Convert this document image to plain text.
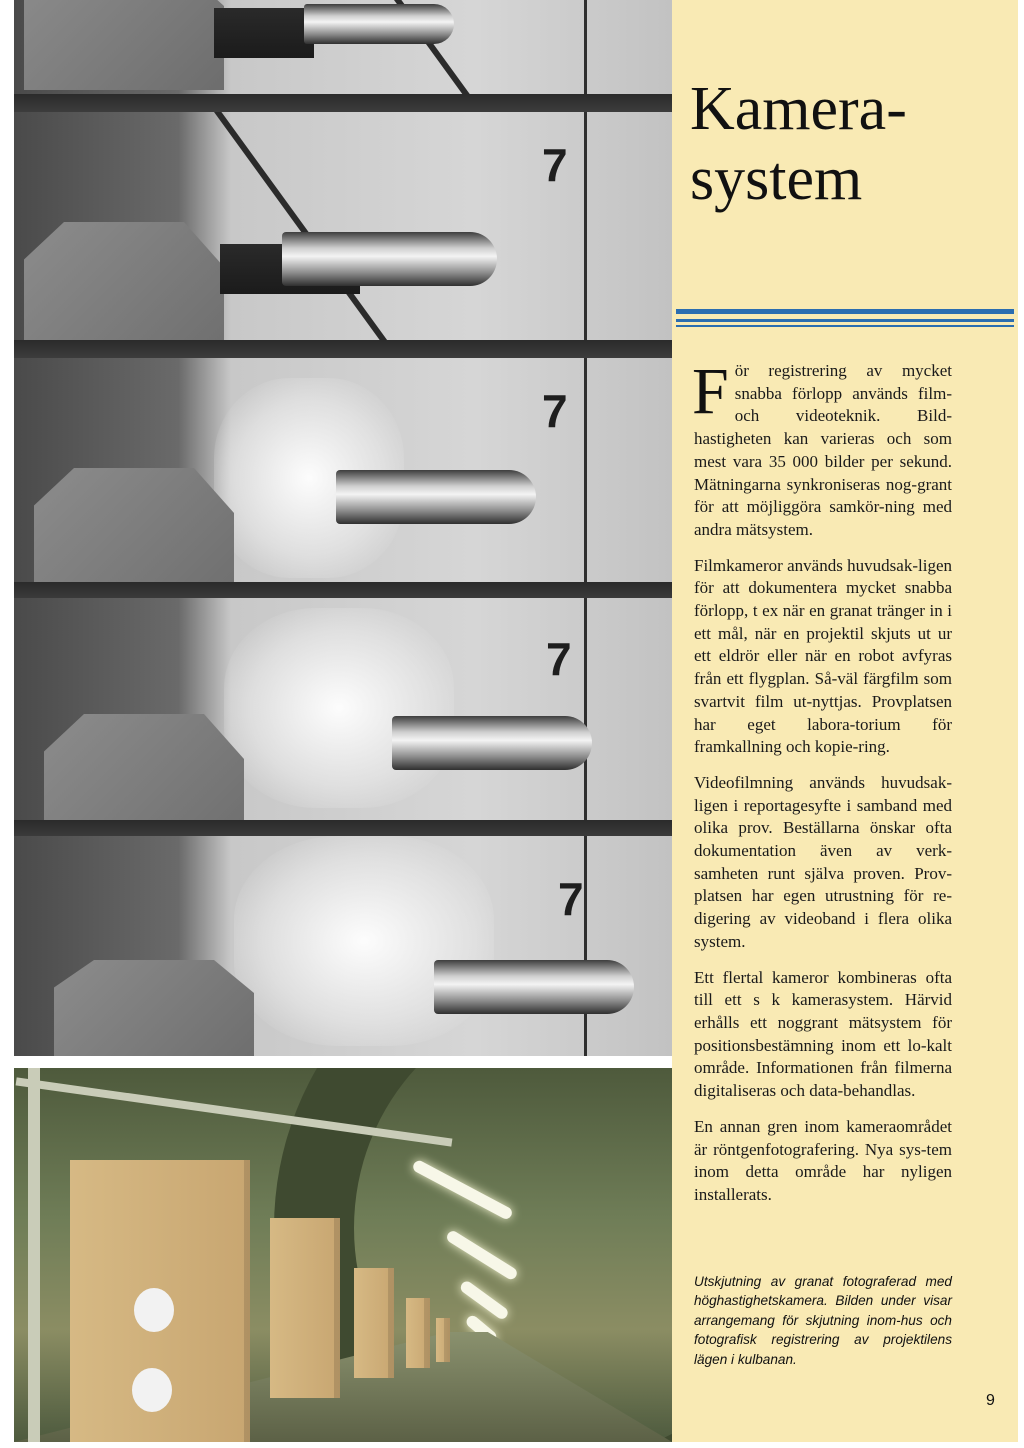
7
7
7
7
Kamera-
system

För registrering av mycket snabba förlopp används film- och videoteknik. Bild-hastigheten kan varieras och som mest vara 35 000 bilder per sekund. Mätningarna synkroniseras nog-grant för att möjliggöra samkör-ning med andra mätsystem.

Filmkameror används huvudsak-ligen för att dokumentera mycket snabba förlopp, t ex när en granat tränger in i ett mål, när en projektil skjuts ut ur ett eldrör eller när en robot avfyras från ett flygplan. Så-väl färgfilm som svartvit film ut-nyttjas. Provplatsen har eget labora-torium för framkallning och kopie-ring.

Videofilmning används huvudsak-ligen i reportagesyfte i samband med olika prov. Beställarna önskar ofta dokumentation även av verk-samheten runt själva proven. Prov-platsen har egen utrustning för re-digering av videoband i flera olika system.

Ett flertal kameror kombineras ofta till ett s k kamerasystem. Härvid erhålls ett noggrant mätsystem för positionsbestämning inom ett lo-kalt område. Informationen från filmerna digitaliseras och data-behandlas.

En annan gren inom kameraområdet är röntgenfotografering. Nya sys-tem inom detta område har nyligen installerats.

Utskjutning av granat fotograferad med höghastighetskamera. Bilden under visar arrangemang för skjutning inom-hus och fotografisk registrering av projektilens lägen i kulbanan.
9
